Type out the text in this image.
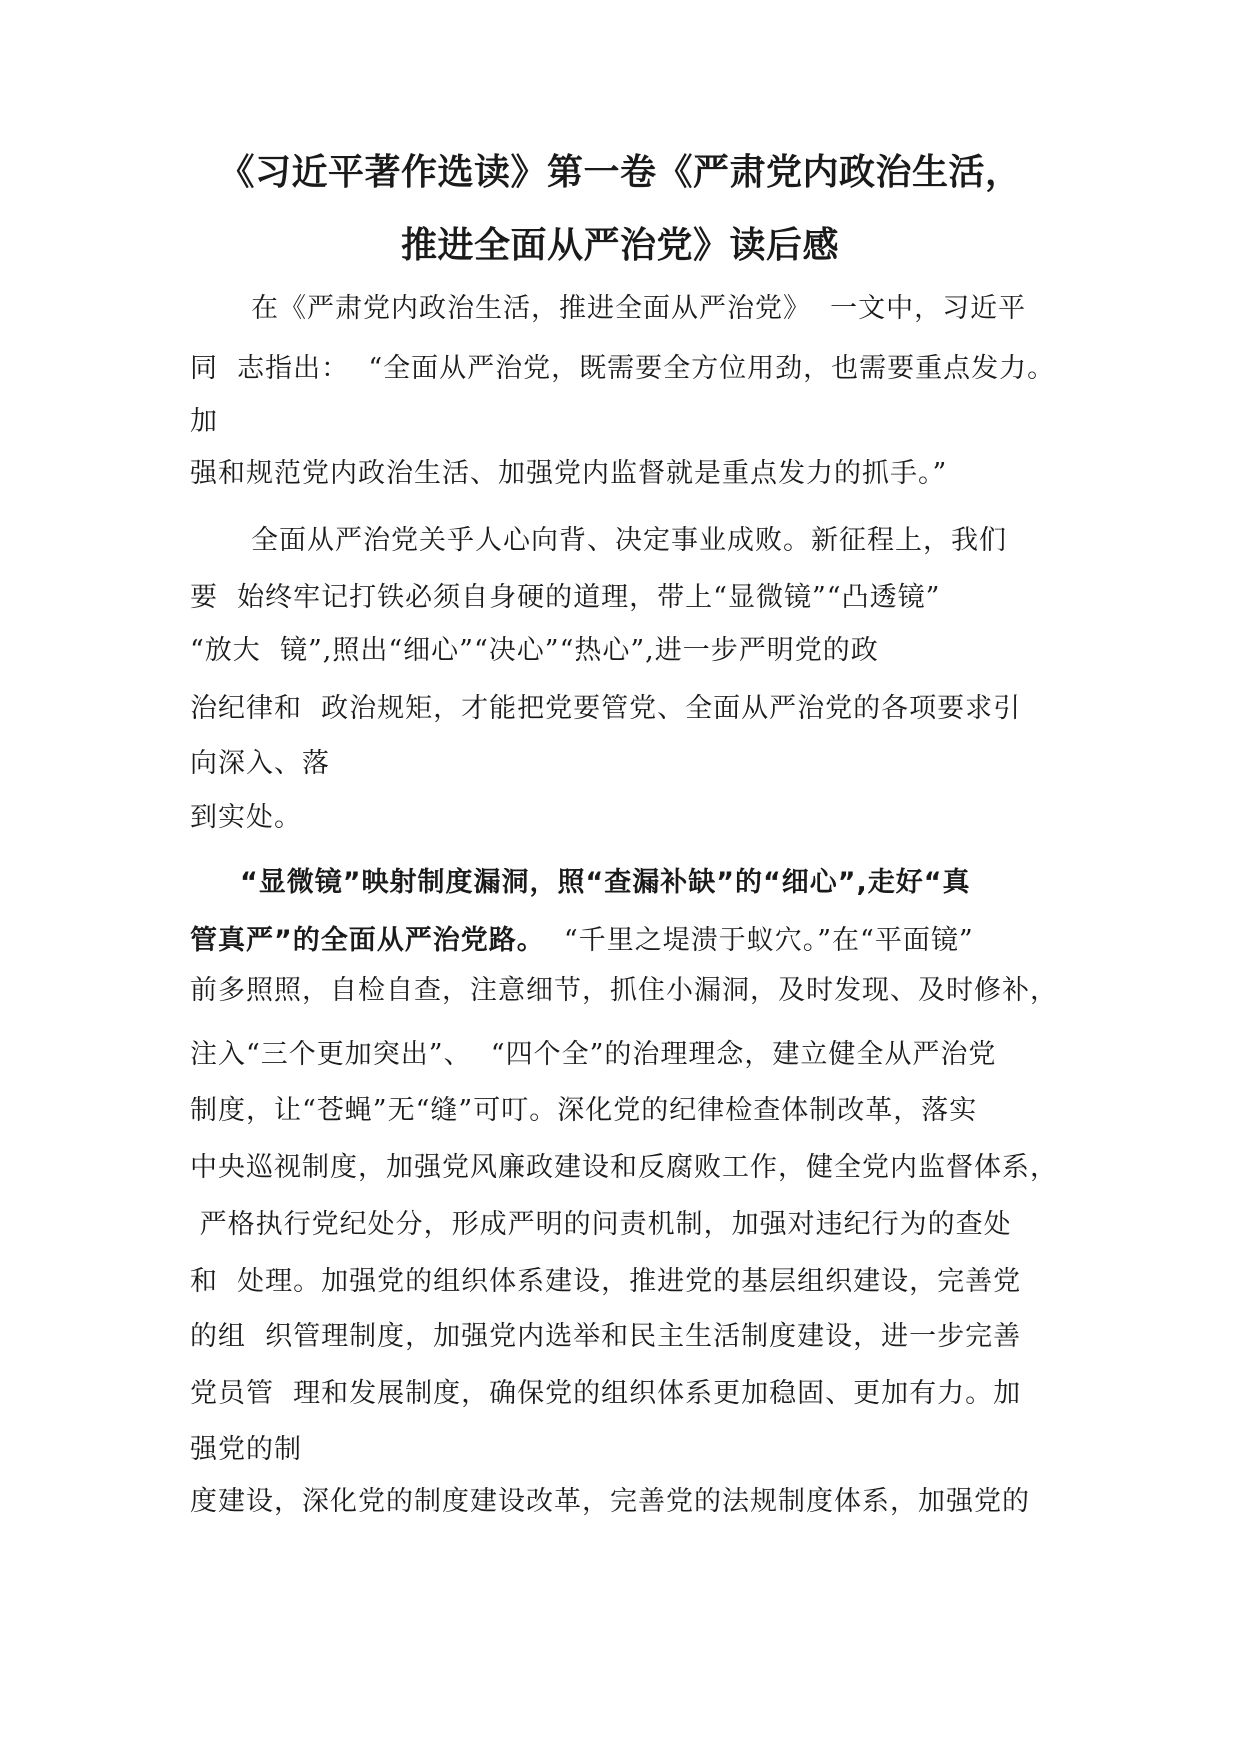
《习近平著作选读》第一卷《严肃党内政治生活，
推进全面从严治党》读后感
在《严肃党内政治生活，推进全面从严治党》  一文中，习近平
同  志指出：  “全面从严治党，既需要全方位用劲，也需要重点发力。
加
强和规范党内政治生活、加强党内监督就是重点发力的抓手。”
全面从严治党关乎人心向背、决定事业成败。新征程上，我们
要  始终牢记打铁必须自身硬的道理，带上“显微镜”“凸透镜”
“放大  镜”,照出“细心”“决心”“热心”,进一步严明党的政
治纪律和  政治规矩，才能把党要管党、全面从严治党的各项要求引
向深入、落
到实处。
“显微镜”映射制度漏洞，照“查漏补缺”的“细心”,走好“真
管真严”的全面从严治党路。  “千里之堤溃于蚁穴。”在“平面镜”
前多照照，自检自查，注意细节，抓住小漏洞，及时发现、及时修补，
注入“三个更加突出”、  “四个全”的治理理念，建立健全从严治党
制度，让“苍蝇”无“缝”可叮。深化党的纪律检查体制改革，落实
中央巡视制度，加强党风廉政建设和反腐败工作，健全党内监督体系，
严格执行党纪处分，形成严明的问责机制，加强对违纪行为的查处
和  处理。加强党的组织体系建设，推进党的基层组织建设，完善党
的组  织管理制度，加强党内选举和民主生活制度建设，进一步完善
党员管  理和发展制度，确保党的组织体系更加稳固、更加有力。加
强党的制
度建设，深化党的制度建设改革，完善党的法规制度体系，加强党的
